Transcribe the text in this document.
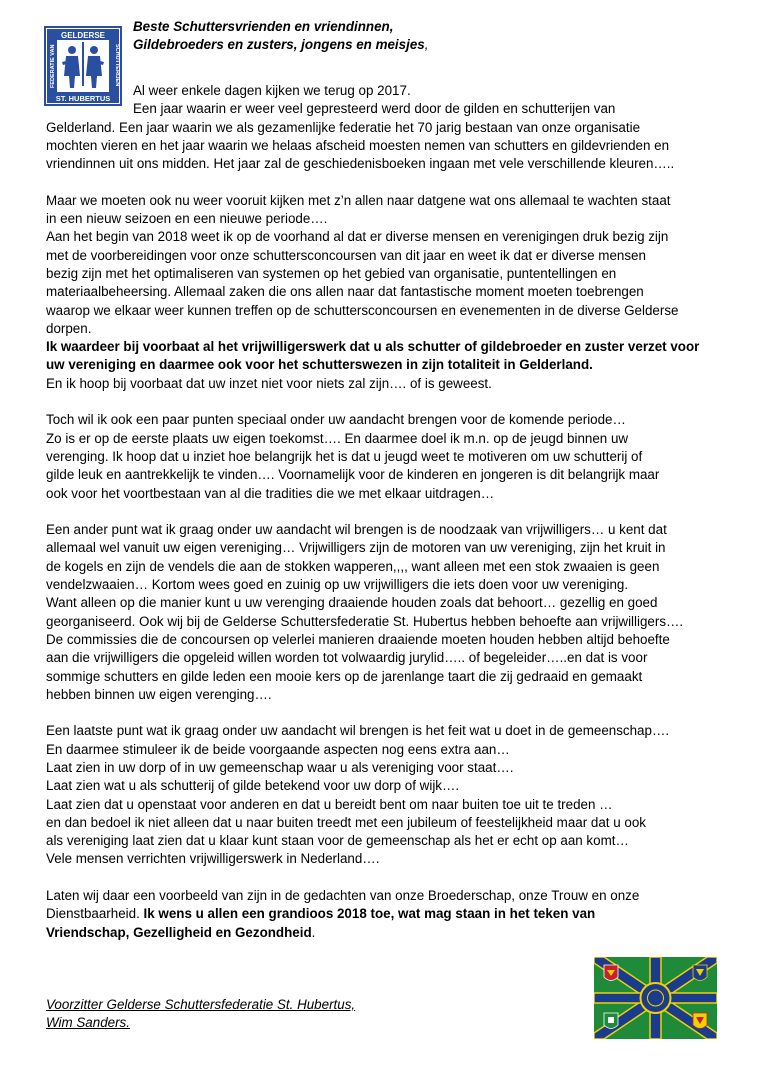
GELDERSE
FEDERATIE VAN	SCHUTTERIJEN
ST. HUBERTUS
Beste Schuttersvrienden en vriendinnen,
Gildebroeders en zusters, jongens en meisjes,

Al weer enkele dagen kijken we terug op 2017.

Een jaar waarin er weer veel gepresteerd werd door de gilden en schutterijen van

Gelderland. Een jaar waarin we als gezamenlijke federatie het 70 jarig bestaan van onze organisatie

mochten vieren en het jaar waarin we helaas afscheid moesten nemen van schutters en gildevrienden en

vriendinnen uit ons midden. Het jaar zal de geschiedenisboeken ingaan met vele verschillende kleuren…..

Maar we moeten ook nu weer vooruit kijken met z’n allen naar datgene wat ons allemaal te wachten staat

in een nieuw seizoen en een nieuwe periode….

Aan het begin van 2018 weet ik op de voorhand al dat er diverse mensen en verenigingen druk bezig zijn

met de voorbereidingen voor onze schuttersconcoursen van dit jaar en weet ik dat er diverse mensen

bezig zijn met het optimaliseren van systemen op het gebied van organisatie, puntentellingen en

materiaalbeheersing. Allemaal zaken die ons allen naar dat fantastische moment moeten toebrengen

waarop we elkaar weer kunnen treffen op de schuttersconcoursen en evenementen in de diverse Gelderse

dorpen.

Ik waardeer bij voorbaat al het vrijwilligerswerk dat u als schutter of gildebroeder en zuster verzet voor

uw vereniging en daarmee ook voor het schutterswezen in zijn totaliteit in Gelderland.

En ik hoop bij voorbaat dat uw inzet niet voor niets zal zijn…. of is geweest.

Toch wil ik ook een paar punten speciaal onder uw aandacht brengen voor de komende periode…

Zo is er op de eerste plaats uw eigen toekomst…. En daarmee doel ik m.n. op de jeugd binnen uw

verenging. Ik hoop dat u inziet hoe belangrijk het is dat u jeugd weet te motiveren om uw schutterij of

gilde leuk en aantrekkelijk te vinden…. Voornamelijk voor de kinderen en jongeren is dit belangrijk maar

ook voor het voortbestaan van al die tradities die we met elkaar uitdragen…

Een ander punt wat ik graag onder uw aandacht wil brengen is de noodzaak van vrijwilligers… u kent dat

allemaal wel vanuit uw eigen vereniging… Vrijwilligers zijn de motoren van uw vereniging, zijn het kruit in

de kogels en zijn de vendels die aan de stokken wapperen,,,, want alleen met een stok zwaaien is geen

vendelzwaaien… Kortom wees goed en zuinig op uw vrijwilligers die iets doen voor uw vereniging.

Want alleen op die manier kunt u uw verenging draaiende houden zoals dat behoort… gezellig en goed

georganiseerd. Ook wij bij de Gelderse Schuttersfederatie St. Hubertus hebben behoefte aan vrijwilligers….

De commissies die de concoursen op velerlei manieren draaiende moeten houden hebben altijd behoefte

aan die vrijwilligers die opgeleid willen worden tot volwaardig jurylid….. of begeleider…..en dat is voor

sommige schutters en gilde leden een mooie kers op de jarenlange taart die zij gedraaid en gemaakt

hebben binnen uw eigen verenging….

Een laatste punt wat ik graag onder uw aandacht wil brengen is het feit wat u doet in de gemeenschap….

En daarmee stimuleer ik de beide voorgaande aspecten nog eens extra aan…

Laat zien in uw dorp of in uw gemeenschap waar u als vereniging voor staat….

Laat zien wat u als schutterij of gilde betekend voor uw dorp of wijk….

Laat zien dat u openstaat voor anderen en dat u bereidt bent om naar buiten toe uit te treden …

en dan bedoel ik niet alleen dat u naar buiten treedt met een jubileum of feestelijkheid maar dat u ook

als vereniging laat zien dat u klaar kunt staan voor de gemeenschap als het er echt op aan komt…

Vele mensen verrichten vrijwilligerswerk in Nederland….

Laten wij daar een voorbeeld van zijn in de gedachten van onze Broederschap, onze Trouw en onze

Dienstbaarheid. Ik wens u allen een grandioos 2018 toe, wat mag staan in het teken van

Vriendschap, Gezelligheid en Gezondheid.

Voorzitter Gelderse Schuttersfederatie St. Hubertus,
Wim Sanders.
